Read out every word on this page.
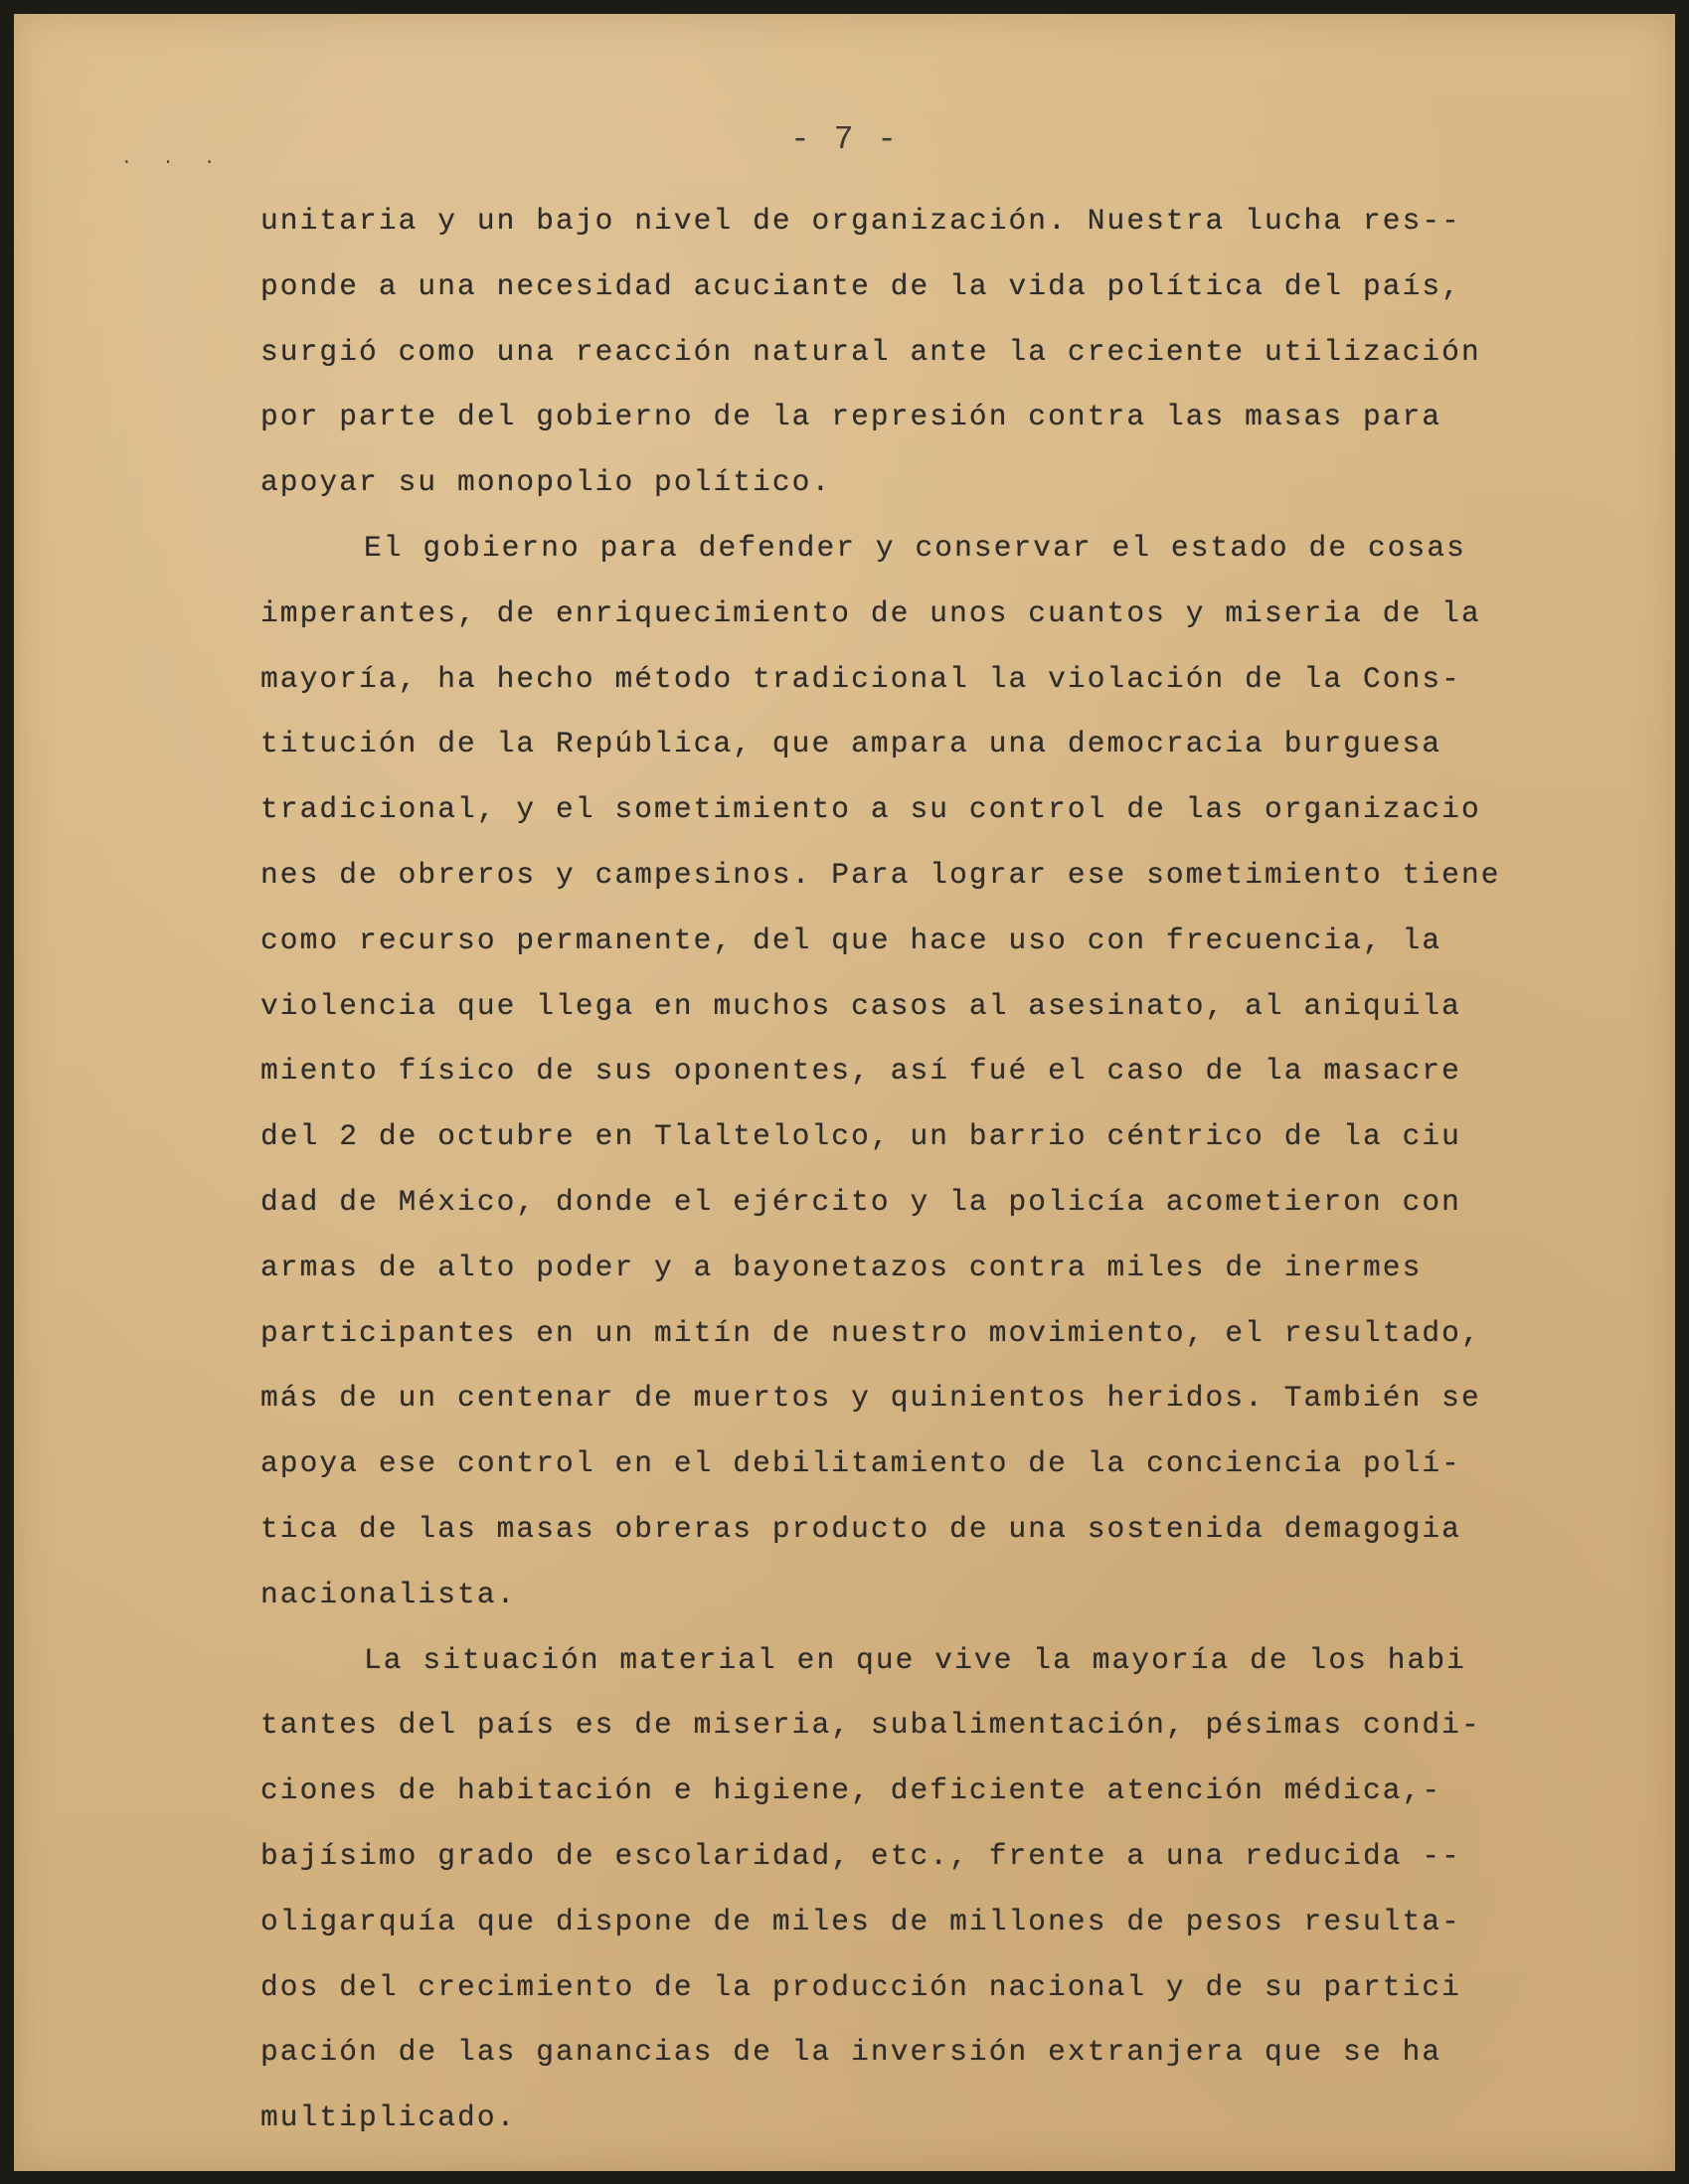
. . .
- 7 -
unitaria y un bajo nivel de organización. Nuestra lucha res--
ponde a una necesidad acuciante de la vida política del país,
surgió como una reacción natural ante la creciente utilización
por parte del gobierno de la represión contra las masas para
apoyar su monopolio político.
El gobierno para defender y conservar el estado de cosas
imperantes, de enriquecimiento de unos cuantos y miseria de la
mayoría, ha hecho método tradicional la violación de la Cons-
titución de la República, que ampara una democracia burguesa
tradicional, y el sometimiento a su control de las organizacio
nes de obreros y campesinos. Para lograr ese sometimiento tiene
como recurso permanente, del que hace uso con frecuencia, la
violencia que llega en muchos casos al asesinato, al aniquila
miento físico de sus oponentes, así fué el caso de la masacre
del 2 de octubre en Tlaltelolco, un barrio céntrico de la ciu
dad de México, donde el ejército y la policía acometieron con
armas de alto poder y a bayonetazos contra miles de inermes
participantes en un mitín de nuestro movimiento, el resultado,
más de un centenar de muertos y quinientos heridos. También se
apoya ese control en el debilitamiento de la conciencia polí-
tica de las masas obreras producto de una sostenida demagogia
nacionalista.
La situación material en que vive la mayoría de los habi
tantes del país es de miseria, subalimentación, pésimas condi-
ciones de habitación e higiene, deficiente atención médica,-
bajísimo grado de escolaridad, etc., frente a una reducida --
oligarquía que dispone de miles de millones de pesos resulta-
dos del crecimiento de la producción nacional y de su partici
pación de las ganancias de la inversión extranjera que se ha
multiplicado.
